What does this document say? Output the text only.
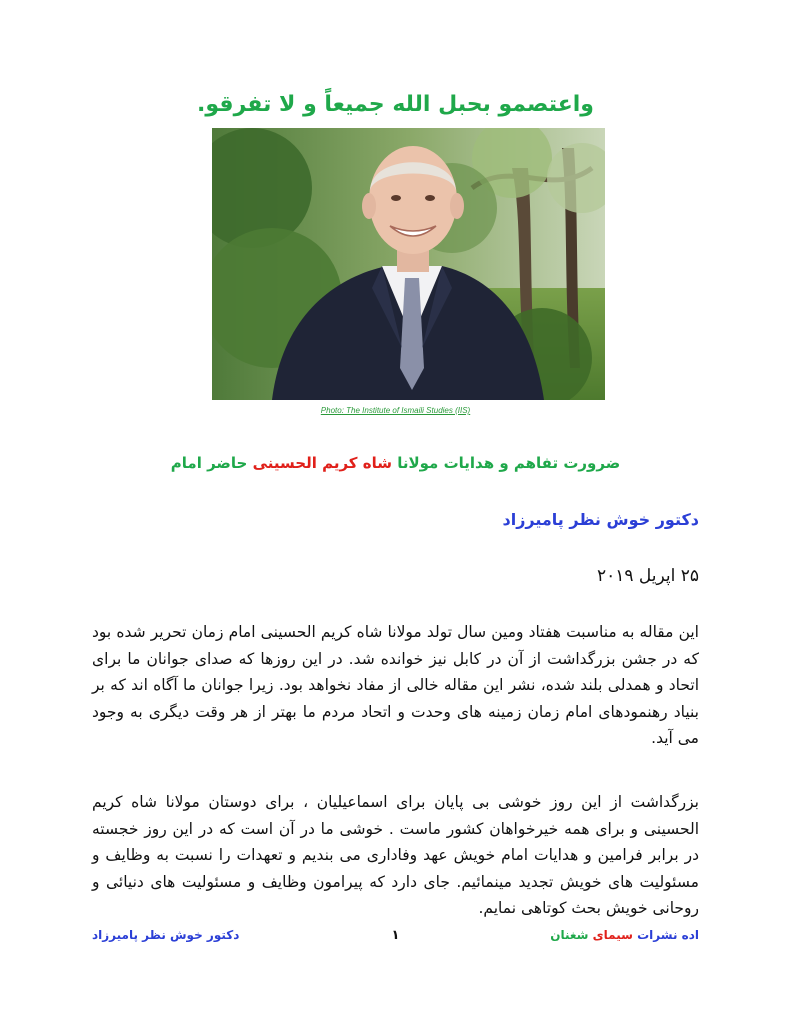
واعتصمو بحبل الله جمیعاً و لا تفرقو.
Photo: The Institute of Ismaili Studies (IIS)
ضرورت تفاهم و هدایات مولانا شاه کریم الحسینی حاضر امام
دکتور خوش نظر پامیرزاد
۲۵ اپریل ۲۰۱۹
این مقاله به مناسبت هفتاد ومین سال تولد مولانا شاه کریم الحسینی امام زمان تحریر شده بود که در جشن بزرگداشت از آن در کابل نیز خوانده شد. در این روزها که صدای جوانان ما برای اتحاد و همدلی بلند شده، نشر این مقاله خالی از مفاد نخواهد بود. زیرا جوانان ما آگاه اند که بر بنیاد رهنمودهای امام زمان زمینه های وحدت و اتحاد مردم ما بهتر از هر وقت دیگری به وجود می آید.
بزرگداشت از این روز خوشی بی پایان برای اسماعیلیان ، برای دوستان مولانا شاه کریم الحسینی و برای همه خیرخواهان کشور ماست . خوشی ما در آن است که در این روز خجسته در برابر فرامین و هدایات امام خویش عهد وفاداری می بندیم و تعهدات را نسبت به وظایف و مسئولیت های خویش تجدید مینمائیم. جای دارد که پیرامون وظایف و مسئولیت های دنیائی و روحانی خویش بحث کوتاهی نمایم.
اده نشرات سیمای شغنان
۱
دکتور خوش نظر پامیرزاد
